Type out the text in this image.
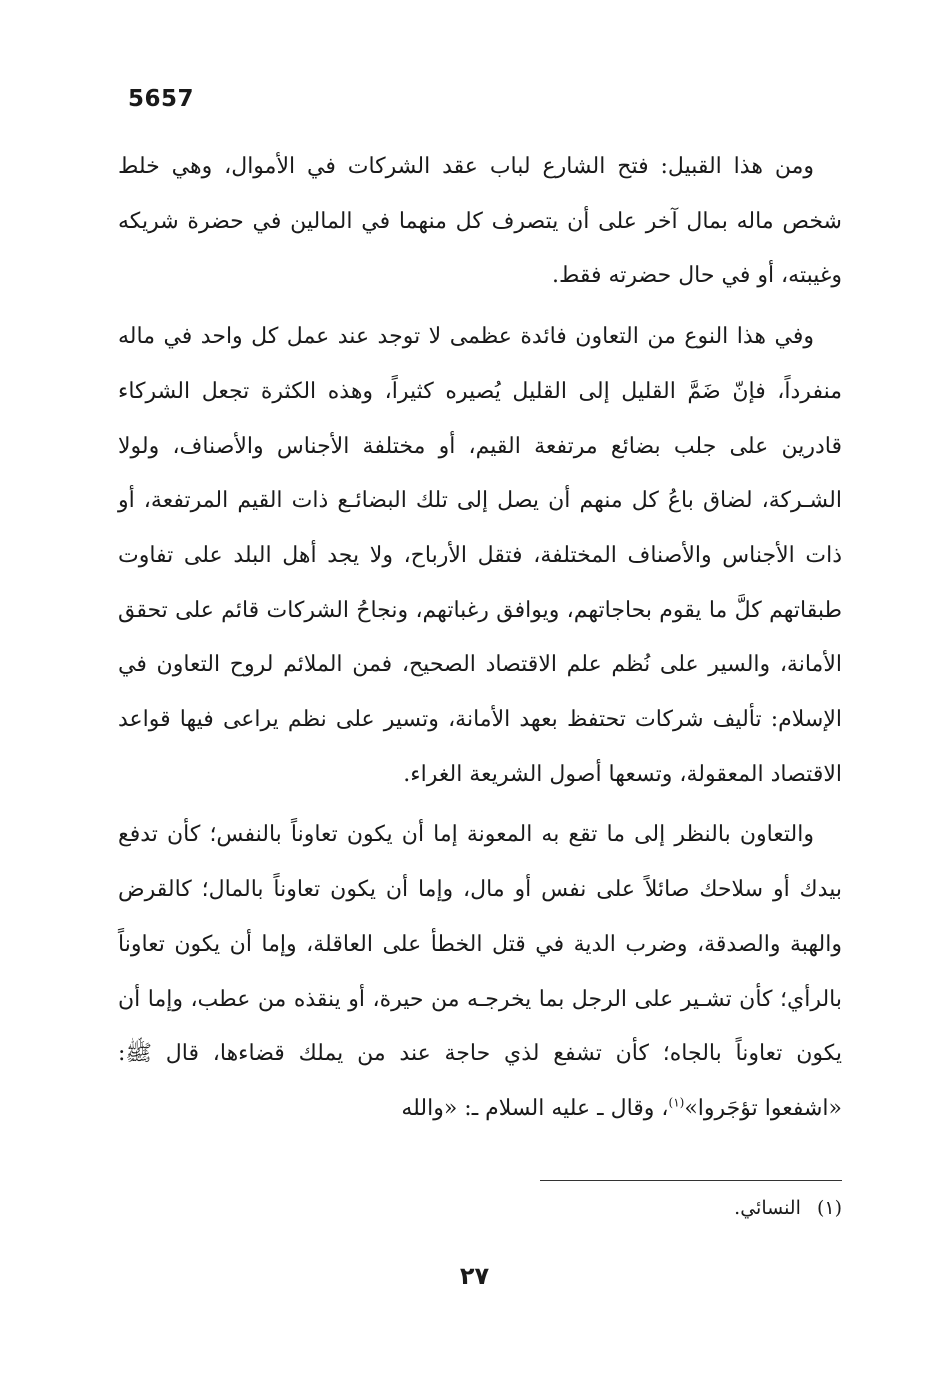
5657

ومن هذا القبيل: فتح الشارع لباب عقد الشركات في الأموال، وهي خلط شخص ماله بمال آخر على أن يتصرف كل منهما في المالين في حضرة شريكه وغيبته، أو في حال حضرته فقط.

وفي هذا النوع من التعاون فائدة عظمى لا توجد عند عمل كل واحد في ماله منفرداً، فإنّ ضَمَّ القليل إلى القليل يُصيره كثيراً، وهذه الكثرة تجعل الشركاء قادرين على جلب بضائع مرتفعة القيم، أو مختلفة الأجناس والأصناف، ولولا الشـركة، لضاق باعُ كل منهم أن يصل إلى تلك البضائـع ذات القيم المرتفعة، أو ذات الأجناس والأصناف المختلفة، فتقل الأرباح، ولا يجد أهل البلد على تفاوت طبقاتهم كلَّ ما يقوم بحاجاتهم، ويوافق رغباتهم، ونجاحُ الشركات قائم على تحقق الأمانة، والسير على نُظم علم الاقتصاد الصحيح، فمن الملائم لروح التعاون في الإسلام: تأليف شركات تحتفظ بعهد الأمانة، وتسير على نظم يراعى فيها قواعد الاقتصاد المعقولة، وتسعها أصول الشريعة الغراء.

والتعاون بالنظر إلى ما تقع به المعونة إما أن يكون تعاوناً بالنفس؛ كأن تدفع بيدك أو سلاحك صائلاً على نفس أو مال، وإما أن يكون تعاوناً بالمال؛ كالقرض والهبة والصدقة، وضرب الدية في قتل الخطأ على العاقلة، وإما أن يكون تعاوناً بالرأي؛ كأن تشـير على الرجل بما يخرجـه من حيرة، أو ينقذه من عطب، وإما أن يكون تعاوناً بالجاه؛ كأن تشفع لذي حاجة عند من يملك قضاءها، قال ﷺ: «اشفعوا تؤجَروا»$^{(١)}$، وقال ـ عليه السلام ـ: «والله

(١) النسائي.
٢٧
